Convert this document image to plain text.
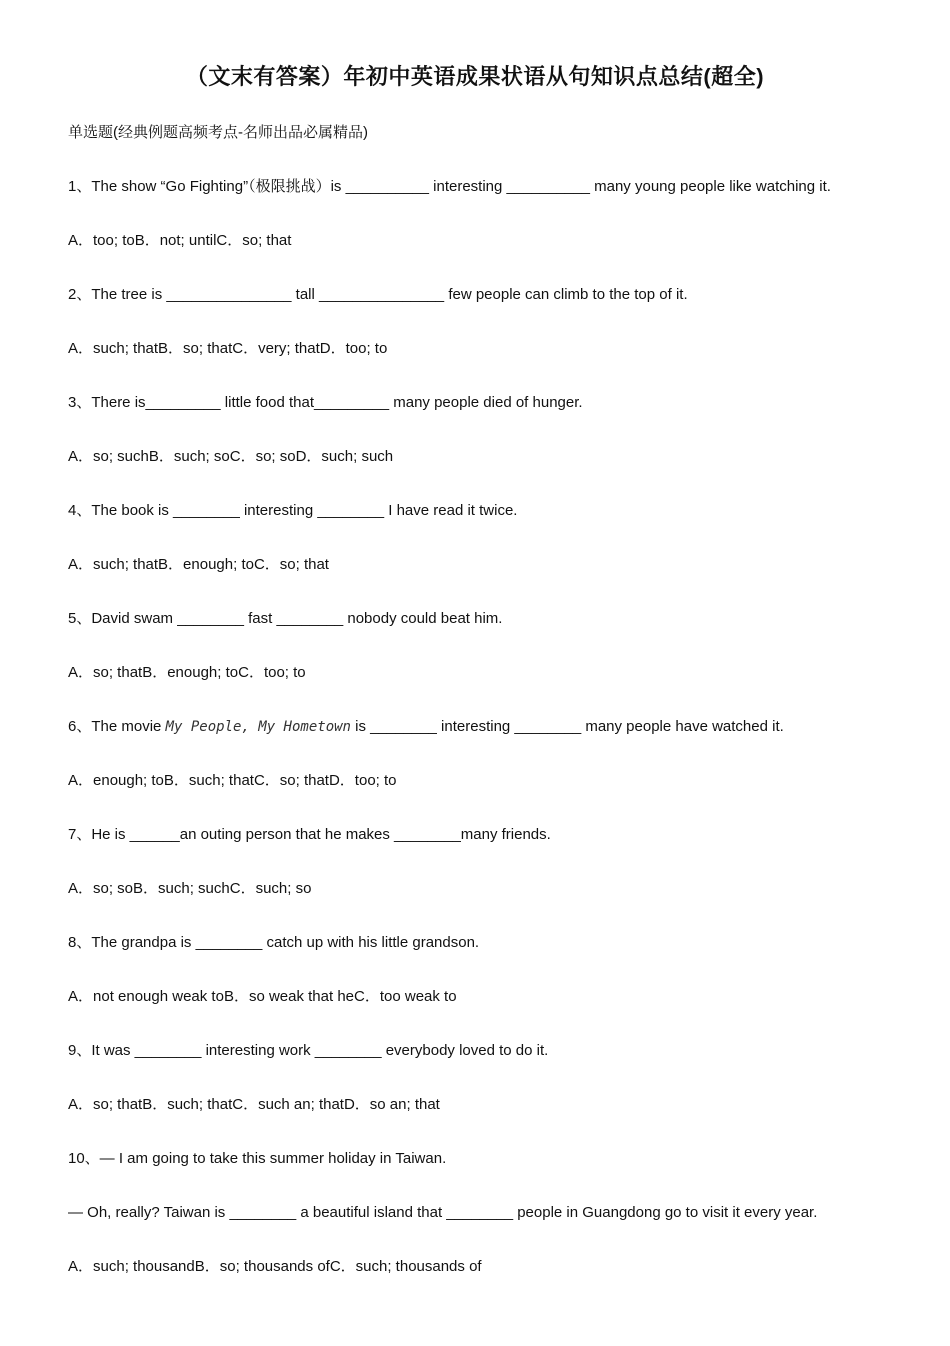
（文末有答案）年初中英语成果状语从句知识点总结(超全)
单选题(经典例题高频考点-名师出品必属精品)
1、The show “Go Fighting”（极限挑战）is __________ interesting __________ many young people like watching it.
A．too; toB．not; untilC．so; that
2、The tree is _______________ tall _______________ few people can climb to the top of it.
A．such; thatB．so; thatC．very; thatD．too; to
3、There is_________ little food that_________ many people died of hunger.
A．so; suchB．such; soC．so; soD．such; such
4、The book is ________ interesting ________ I have read it twice.
A．such; thatB．enough; toC．so; that
5、David swam ________ fast ________ nobody could beat him.
A．so; thatB．enough; toC．too; to
6、The movie My People, My Hometown is ________ interesting ________ many people have watched it.
A．enough; toB．such; thatC．so; thatD．too; to
7、He is ______an outing person that he makes ________many friends.
A．so; soB．such; suchC．such; so
8、The grandpa is ________ catch up with his little grandson.
A．not enough weak toB．so weak that heC．too weak to
9、It was ________ interesting work ________ everybody loved to do it.
A．so; thatB．such; thatC．such an; thatD．so an; that
10、— I am going to take this summer holiday in Taiwan.
— Oh, really? Taiwan is ________ a beautiful island that ________ people in Guangdong go to visit it every year.
A．such; thousandB．so; thousands ofC．such; thousands of
